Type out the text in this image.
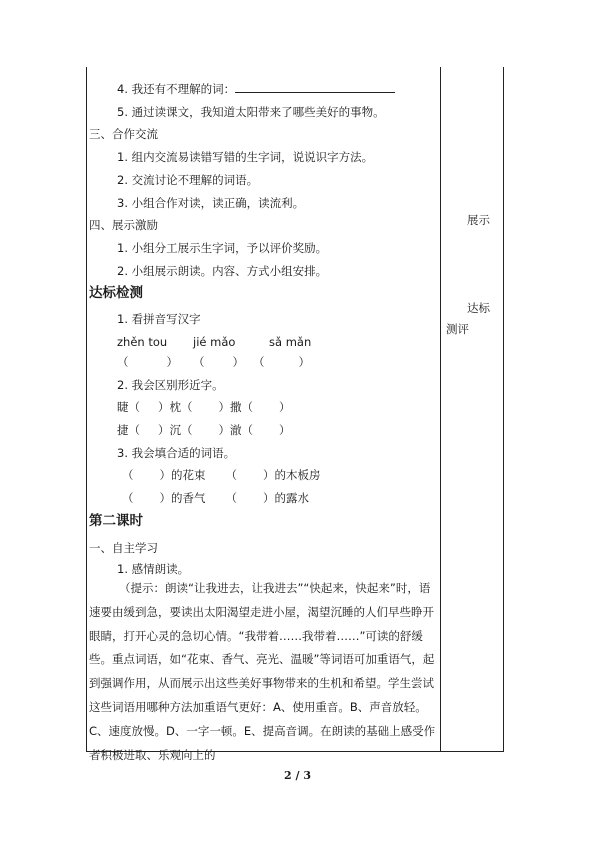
4. 我还有不理解的词：
5. 通过读课文，我知道太阳带来了哪些美好的事物。
三、合作交流
1. 组内交流易读错写错的生字词，说说识字方法。
2. 交流讨论不理解的词语。
3. 小组合作对读，读正确，读流利。
四、展示激励
1. 小组分工展示生字词，予以评价奖励。
2. 小组展示朗读。内容、方式小组安排。
达标检测
1. 看拼音写汉字
zhěn tou jié mǎo	sǎ mǎn
（	） （ ） （	）
2. 我会区别形近字。
睫（ ）枕（ ）撒（ ）
捷（ ）沉（ ）澈（ ）
3. 我会填合适的词语。
（ ）的花束 （ ）的木板房
（ ）的香气 （ ）的露水
第二课时
一、自主学习
1. 感情朗读。
（提示：朗读“让我进去，让我进去”“快起来，快起来”时，语速要由缓到急，要读出太阳渴望走进小屋，渴望沉睡的人们早些睁开眼睛，打开心灵的急切心情。“我带着……我带着……”可读的舒缓些。重点词语，如“花束、香气、亮光、温暖”等词语可加重语气，起到强调作用，从而展示出这些美好事物带来的生机和希望。学生尝试这些词语用哪种方法加重语气更好：A、使用重音。B、声音放轻。C、速度放慢。D、一字一顿。E、提高音调。在朗读的基础上感受作者积极进取、乐观向上的
展示
达标
测评
2 / 3
